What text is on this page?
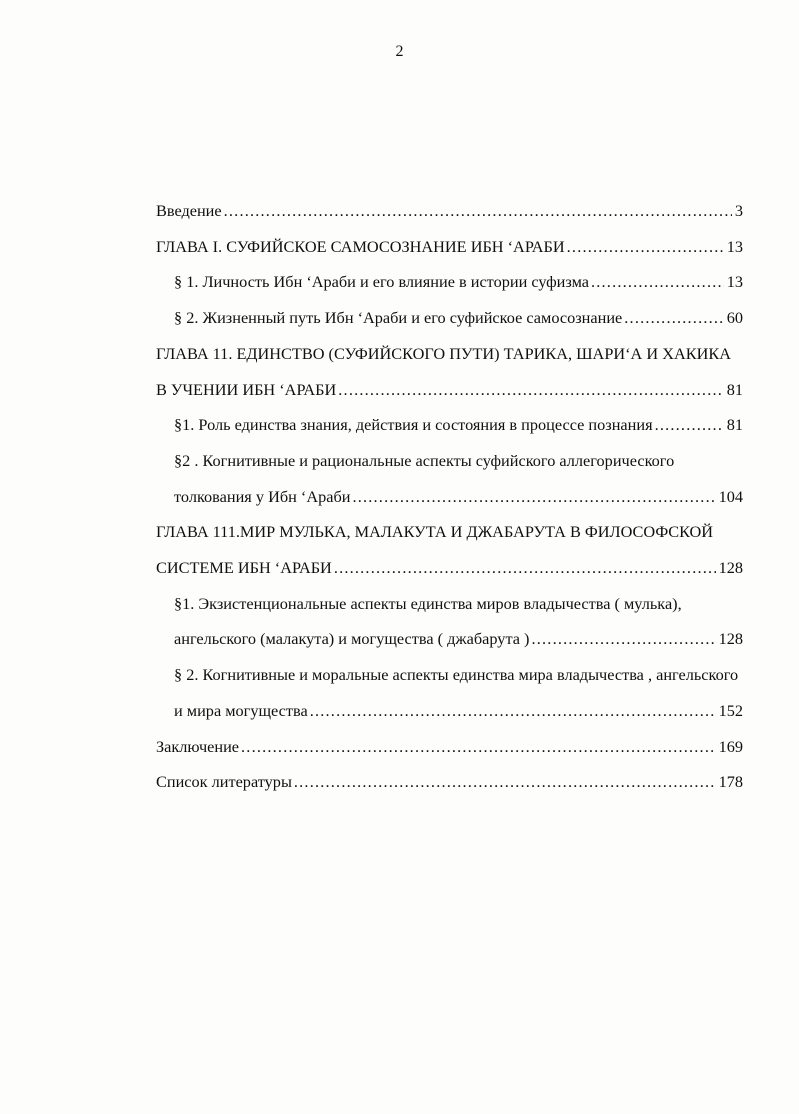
2
Введение .....	3
ГЛАВА I. СУФИЙСКОЕ САМОСОЗНАНИЕ ИБН ‘АРАБИ .....	13
§ 1. Личность Ибн ‘Араби и его влияние в истории суфизма .....	13
§ 2. Жизненный путь Ибн ‘Араби и его суфийское самосознание .....	60
ГЛАВА 11. ЕДИНСТВО (СУФИЙСКОГО ПУТИ) ТАРИКА, ШАРИ‘А И ХАКИКА
В УЧЕНИИ ИБН ‘АРАБИ .....	81
§1. Роль единства знания, действия и состояния в процессе познания .....	81
§2 . Когнитивные и рациональные аспекты суфийского аллегорического
толкования у Ибн ‘Араби .....	104
ГЛАВА 111.МИР МУЛЬКА, МАЛАКУТА И ДЖАБАРУТА В ФИЛОСОФСКОЙ
СИСТЕМЕ ИБН ‘АРАБИ .....	128
§1. Экзистенциональные аспекты единства миров владычества ( мулька),
ангельского (малакута) и могущества ( джабарута ) .....	128
§ 2. Когнитивные и моральные аспекты единства мира владычества , ангельского
и мира могущества .....	152
Заключение .....	169
Список литературы .....	178
